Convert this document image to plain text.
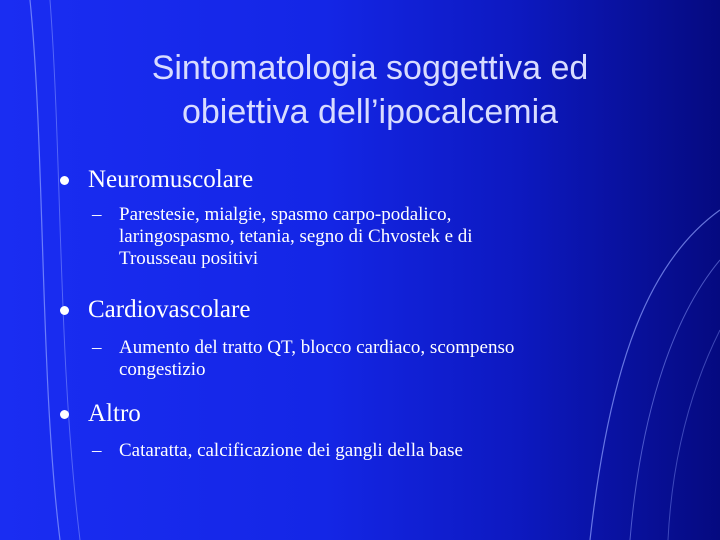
Sintomatologia soggettiva ed
obiettiva dell’ipocalcemia
Neuromuscolare
– Parestesie, mialgie, spasmo carpo-podalico,
laringospasmo, tetania, segno di Chvostek e di
Trousseau positivi
Cardiovascolare
– Aumento del tratto QT, blocco cardiaco, scompenso
congestizio
Altro
– Cataratta, calcificazione dei gangli della base
